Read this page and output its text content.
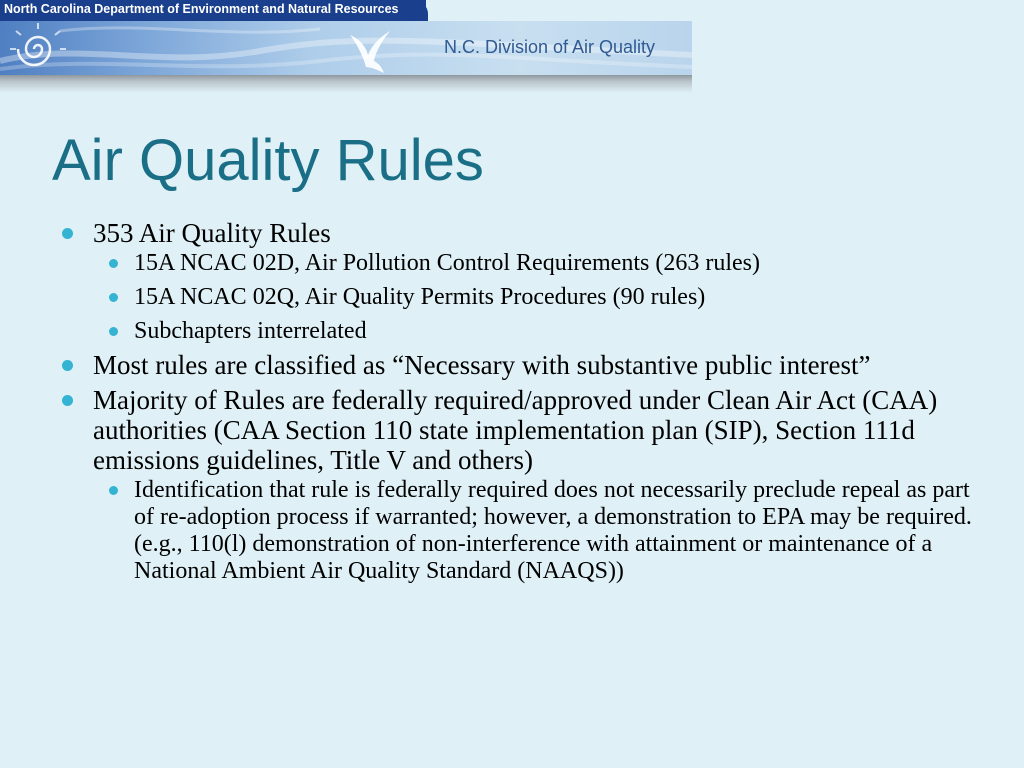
North Carolina Department of Environment and Natural Resources
N.C. Division of Air Quality
Air Quality Rules
353 Air Quality Rules
15A NCAC 02D, Air Pollution Control Requirements (263 rules)
15A NCAC 02Q, Air Quality Permits Procedures (90 rules)
Subchapters interrelated
Most rules are classified as “Necessary with substantive public interest”
Majority of Rules are federally required/approved under Clean Air Act (CAA) authorities (CAA Section 110 state implementation plan (SIP), Section 111d emissions guidelines, Title V and others)
Identification that rule is federally required does not necessarily preclude repeal as part of re-adoption process if warranted; however, a demonstration to EPA may be required. (e.g., 110(l) demonstration of non-interference with attainment or maintenance of a National Ambient Air Quality Standard (NAAQS))
